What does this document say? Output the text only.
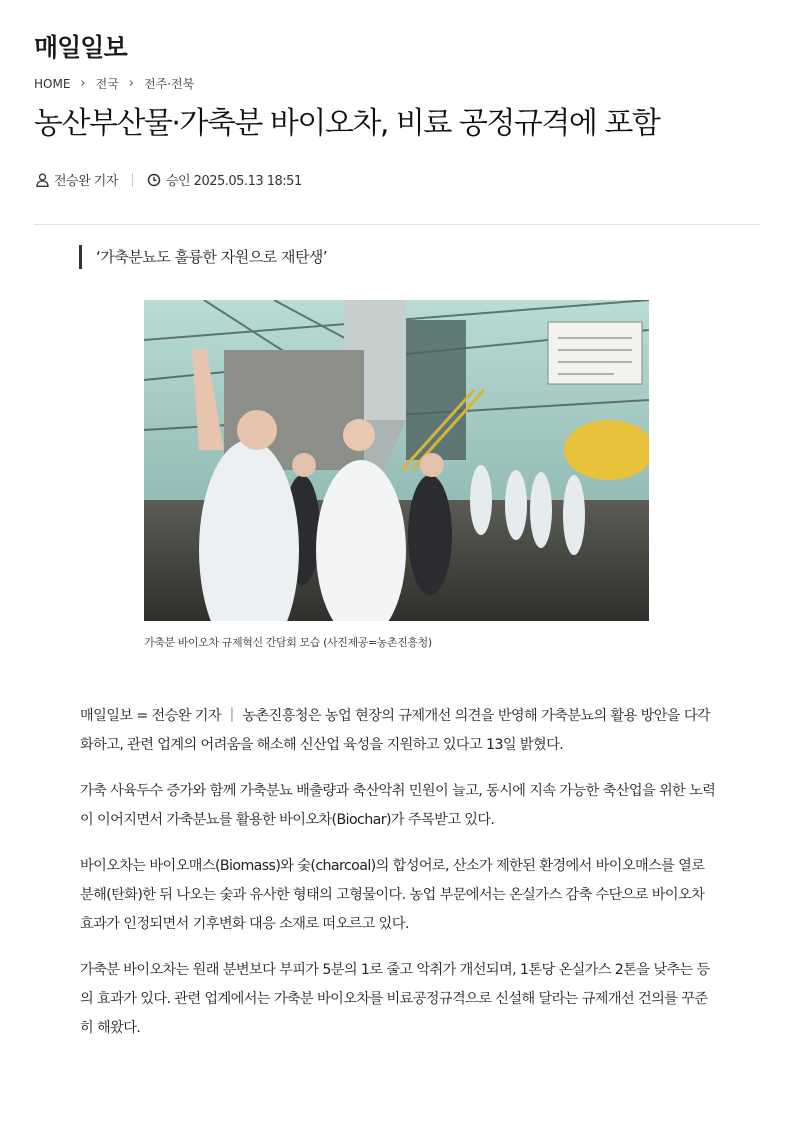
매일일보
HOME › 전국 › 전주·전북
농산부산물·가축분 바이오차, 비료 공정규격에 포함
전승완 기자	승인 2025.05.13 18:51
‘가축분뇨도 훌륭한 자원으로 재탄생’
가축분 바이오차 규제혁신 간담회 모습 (사진제공=농촌진흥청)

매일일보 = 전승완 기자 ｜ 농촌진흥청은 농업 현장의 규제개선 의견을 반영해 가축분뇨의 활용 방안을 다각화하고, 관련 업계의 어려움을 해소해 신산업 육성을 지원하고 있다고 13일 밝혔다.

가축 사육두수 증가와 함께 가축분뇨 배출량과 축산악취 민원이 늘고, 동시에 지속 가능한 축산업을 위한 노력이 이어지면서 가축분뇨를 활용한 바이오차(Biochar)가 주목받고 있다.

바이오차는 바이오매스(Biomass)와 숯(charcoal)의 합성어로, 산소가 제한된 환경에서 바이오매스를 열로 분해(탄화)한 뒤 나오는 숯과 유사한 형태의 고형물이다. 농업 부문에서는 온실가스 감축 수단으로 바이오차 효과가 인정되면서 기후변화 대응 소재로 떠오르고 있다.

가축분 바이오차는 원래 분변보다 부피가 5분의 1로 줄고 악취가 개선되며, 1톤당 온실가스 2톤을 낮추는 등의 효과가 있다. 관련 업계에서는 가축분 바이오차를 비료공정규격으로 신설해 달라는 규제개선 건의를 꾸준히 해왔다.
